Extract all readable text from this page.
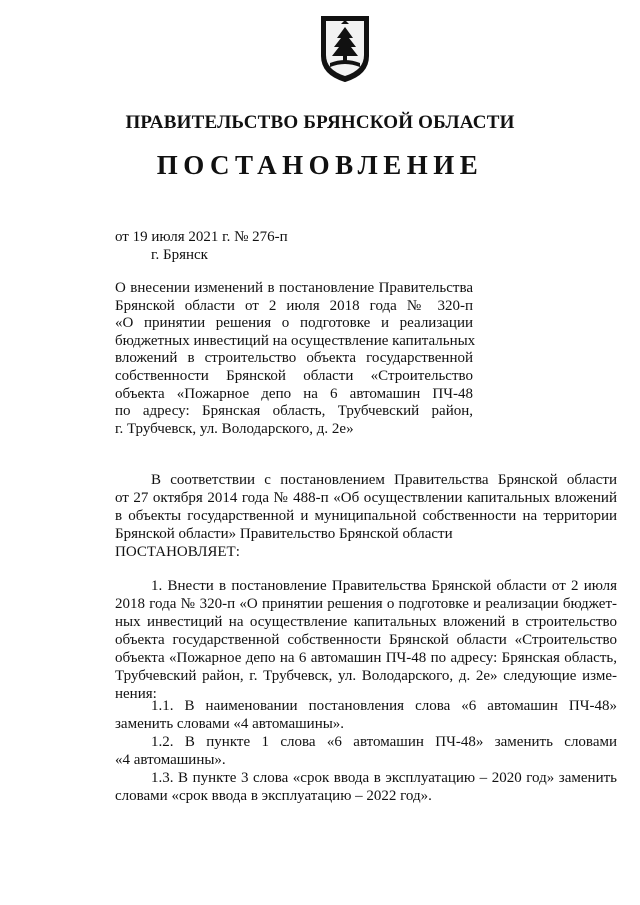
ПРАВИТЕЛЬСТВО БРЯНСКОЙ ОБЛАСТИ
ПОСТАНОВЛЕНИЕ
от 19 июля 2021 г. № 276-п
г. Брянск
О внесении изменений в постановление Правительства
Брянской области от 2 июля 2018 года № 320-п
«О принятии решения о подготовке и реализации
бюджетных инвестиций на осуществление капитальных
вложений в строительство объекта государственной
собственности Брянской области «Строительство
объекта «Пожарное депо на 6 автомашин ПЧ-48
по адресу: Брянская область, Трубчевский район,
г. Трубчевск, ул. Володарского, д. 2е»
В соответствии с постановлением Правительства Брянской области
от 27 октября 2014 года № 488-п «Об осуществлении капитальных вложений
в объекты государственной и муниципальной собственности на территории
Брянской области» Правительство Брянской области
ПОСТАНОВЛЯЕТ:
1. Внести в постановление Правительства Брянской области от 2 июля
2018 года № 320-п «О принятии решения о подготовке и реализации бюджет-
ных инвестиций на осуществление капитальных вложений в строительство
объекта государственной собственности Брянской области «Строительство
объекта «Пожарное депо на 6 автомашин ПЧ-48 по адресу: Брянская область,
Трубчевский район, г. Трубчевск, ул. Володарского, д. 2е» следующие изме-
нения:
1.1. В наименовании постановления слова «6 автомашин ПЧ-48»
заменить словами «4 автомашины».
1.2. В пункте 1 слова «6 автомашин ПЧ-48» заменить словами
«4 автомашины».
1.3. В пункте 3 слова «срок ввода в эксплуатацию – 2020 год» заменить
словами «срок ввода в эксплуатацию – 2022 год».
